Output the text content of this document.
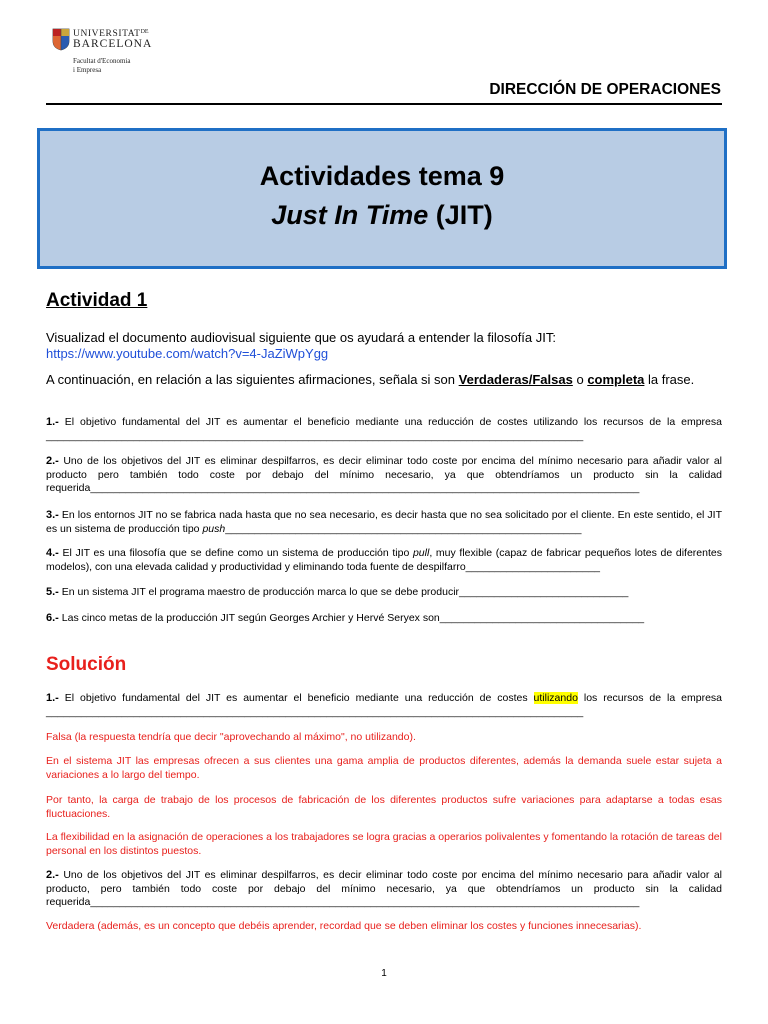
$UNIVERSITAT^{DE}$
BARCELONA
Facultat d'Economia
i Empresa
DIRECCIÓN DE OPERACIONES
Actividades tema 9
Just In Time (JIT)
Actividad 1

Visualizad el documento audiovisual siguiente que os ayudará a entender la filosofía JIT:
https://www.youtube.com/watch?v=4-JaZiWpYgg

A continuación, en relación a las siguientes afirmaciones, señala si son Verdaderas/Falsas o completa la frase.

1.- El objetivo fundamental del JIT es aumentar el beneficio mediante una reducción de costes utilizando los recursos de la empresa ____________________________________________________________________________________________

2.- Uno de los objetivos del JIT es eliminar despilfarros, es decir eliminar todo coste por encima del mínimo necesario para añadir valor al producto pero también todo coste por debajo del mínimo necesario, ya que obtendríamos un producto sin la calidad requerida______________________________________________________________________________________________

3.- En los entornos JIT no se fabrica nada hasta que no sea necesario, es decir hasta que no sea solicitado por el cliente. En este sentido, el JIT es un sistema de producción tipo push_____________________________________________________________

4.- El JIT es una filosofía que se define como un sistema de producción tipo pull, muy flexible (capaz de fabricar pequeños lotes de diferentes modelos), con una elevada calidad y productividad y eliminando toda fuente de despilfarro_______________________

5.- En un sistema JIT el programa maestro de producción marca lo que se debe producir_____________________________

6.- Las cinco metas de la producción JIT según Georges Archier y Hervé Seryex son___________________________________

Solución

1.- El objetivo fundamental del JIT es aumentar el beneficio mediante una reducción de costes utilizando los recursos de la empresa ____________________________________________________________________________________________

Falsa (la respuesta tendría que decir "aprovechando al máximo", no utilizando).

En el sistema JIT las empresas ofrecen a sus clientes una gama amplia de productos diferentes, además la demanda suele estar sujeta a variaciones a lo largo del tiempo.

Por tanto, la carga de trabajo de los procesos de fabricación de los diferentes productos sufre variaciones para adaptarse a todas esas fluctuaciones.

La flexibilidad en la asignación de operaciones a los trabajadores se logra gracias a operarios polivalentes y fomentando la rotación de tareas del personal en los distintos puestos.

2.- Uno de los objetivos del JIT es eliminar despilfarros, es decir eliminar todo coste por encima del mínimo necesario para añadir valor al producto, pero también todo coste por debajo del mínimo necesario, ya que obtendríamos un producto sin la calidad requerida______________________________________________________________________________________________

Verdadera (además, es un concepto que debéis aprender, recordad que se deben eliminar los costes y funciones innecesarias).

1
